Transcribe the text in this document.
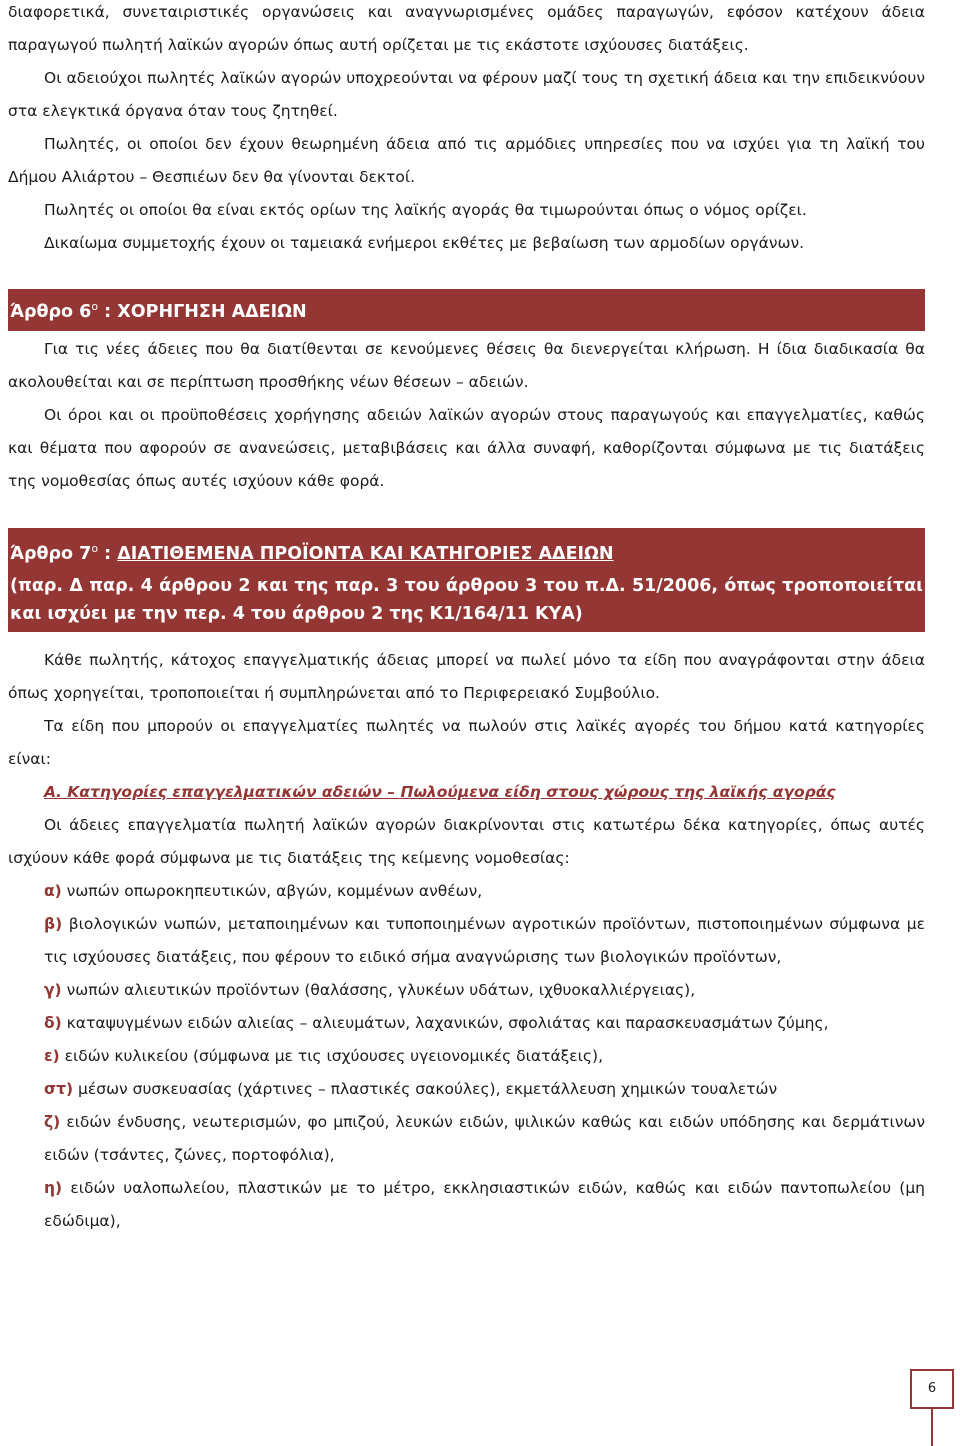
διαφορετικά, συνεταιριστικές οργανώσεις και αναγνωρισμένες ομάδες παραγωγών, εφόσον κατέχουν άδεια παραγωγού πωλητή λαϊκών αγορών όπως αυτή ορίζεται με τις εκάστοτε ισχύουσες διατάξεις.

Οι αδειούχοι πωλητές λαϊκών αγορών υποχρεούνται να φέρουν μαζί τους τη σχετική άδεια και την επιδεικνύουν στα ελεγκτικά όργανα όταν τους ζητηθεί.

Πωλητές, οι οποίοι δεν έχουν θεωρημένη άδεια από τις αρμόδιες υπηρεσίες που να ισχύει για τη λαϊκή του Δήμου Αλιάρτου – Θεσπιέων δεν θα γίνονται δεκτοί.

Πωλητές οι οποίοι θα είναι εκτός ορίων της λαϊκής αγοράς θα τιμωρούνται όπως ο νόμος ορίζει.

Δικαίωμα συμμετοχής έχουν οι ταμειακά ενήμεροι εκθέτες με βεβαίωση των αρμοδίων οργάνων.

Άρθρο $6^o$ : ΧΟΡΗΓΗΣΗ ΑΔΕΙΩΝ

Για τις νέες άδειες που θα διατίθενται σε κενούμενες θέσεις θα διενεργείται κλήρωση. Η ίδια διαδικασία θα ακολουθείται και σε περίπτωση προσθήκης νέων θέσεων – αδειών.

Οι όροι και οι προϋποθέσεις χορήγησης αδειών λαϊκών αγορών στους παραγωγούς και επαγγελματίες, καθώς και θέματα που αφορούν σε ανανεώσεις, μεταβιβάσεις και άλλα συναφή, καθορίζονται σύμφωνα με τις διατάξεις της νομοθεσίας όπως αυτές ισχύουν κάθε φορά.

Άρθρο $7^o$ : ΔΙΑΤΙΘΕΜΕΝΑ ΠΡΟΪΟΝΤΑ ΚΑΙ ΚΑΤΗΓΟΡΙΕΣ ΑΔΕΙΩΝ
(παρ. Δ παρ. 4 άρθρου 2 και της παρ. 3 του άρθρου 3 του π.Δ. 51/2006, όπως τροποποιείται και ισχύει με την περ. 4 του άρθρου 2 της Κ1/164/11 ΚΥΑ)

Κάθε πωλητής, κάτοχος επαγγελματικής άδειας μπορεί να πωλεί μόνο τα είδη που αναγράφονται στην άδεια όπως χορηγείται, τροποποιείται ή συμπληρώνεται από το Περιφερειακό Συμβούλιο.

Τα είδη που μπορούν οι επαγγελματίες πωλητές να πωλούν στις λαϊκές αγορές του δήμου κατά κατηγορίες είναι:

Α. Κατηγορίες επαγγελματικών αδειών – Πωλούμενα είδη στους χώρους της λαϊκής αγοράς

Οι άδειες επαγγελματία πωλητή λαϊκών αγορών διακρίνονται στις κατωτέρω δέκα κατηγορίες, όπως αυτές ισχύουν κάθε φορά σύμφωνα με τις διατάξεις της κείμενης νομοθεσίας:

α) νωπών οπωροκηπευτικών, αβγών, κομμένων ανθέων,

β) βιολογικών νωπών, μεταποιημένων και τυποποιημένων αγροτικών προϊόντων, πιστοποιημένων σύμφωνα με τις ισχύουσες διατάξεις, που φέρουν το ειδικό σήμα αναγνώρισης των βιολογικών προϊόντων,

γ) νωπών αλιευτικών προϊόντων (θαλάσσης, γλυκέων υδάτων, ιχθυοκαλλιέργειας),

δ) καταψυγμένων ειδών αλιείας – αλιευμάτων, λαχανικών, σφολιάτας και παρασκευασμάτων ζύμης,

ε) ειδών κυλικείου (σύμφωνα με τις ισχύουσες υγειονομικές διατάξεις),

στ) μέσων συσκευασίας (χάρτινες – πλαστικές σακούλες), εκμετάλλευση χημικών τουαλετών

ζ) ειδών ένδυσης, νεωτερισμών, φο μπιζού, λευκών ειδών, ψιλικών καθώς και ειδών υπόδησης και δερμάτινων ειδών (τσάντες, ζώνες, πορτοφόλια),

η) ειδών υαλοπωλείου, πλαστικών με το μέτρο, εκκλησιαστικών ειδών, καθώς και ειδών παντοπωλείου (μη εδώδιμα),

6
